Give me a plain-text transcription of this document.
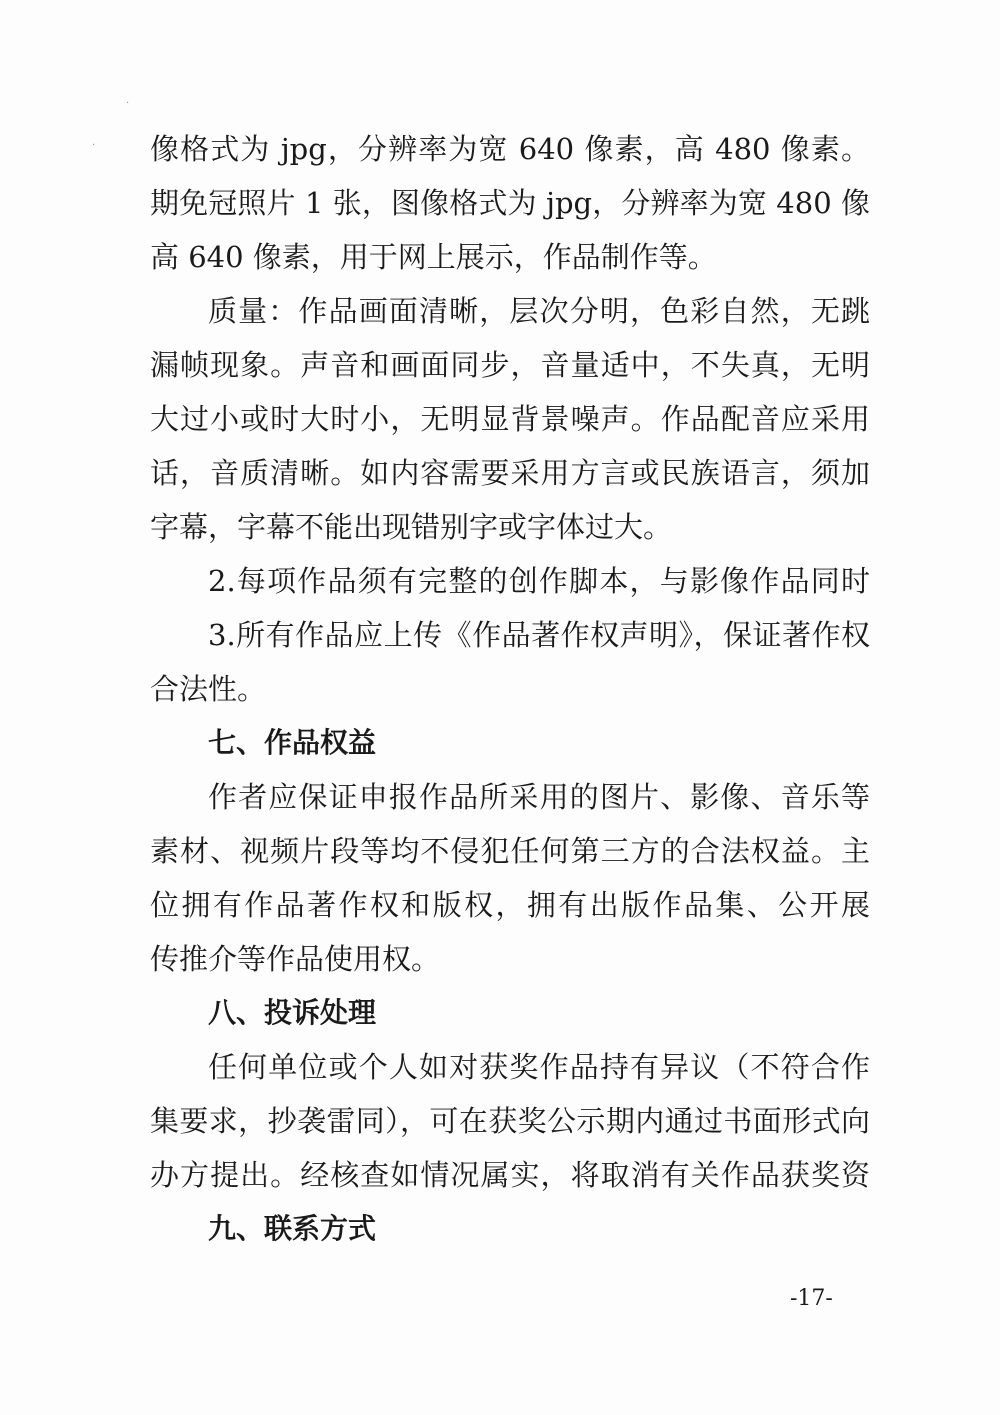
·
· 像格式为 jpg，分辨率为宽 640 像素，高 480 像素。
期免冠照片 1 张，图像格式为 jpg，分辨率为宽 480 像
高 640 像素，用于网上展示，作品制作等。
质量：作品画面清晰，层次分明，色彩自然，无跳
漏帧现象。声音和画面同步，音量适中，不失真，无明
大过小或时大时小，无明显背景噪声。作品配音应采用
话，音质清晰。如内容需要采用方言或民族语言，须加
字幕，字幕不能出现错别字或字体过大。
2.每项作品须有完整的创作脚本，与影像作品同时
3.所有作品应上传《作品著作权声明》，保证著作权
合法性。
七、作品权益
作者应保证申报作品所采用的图片、影像、音乐等
素材、视频片段等均不侵犯任何第三方的合法权益。主
位拥有作品著作权和版权，拥有出版作品集、公开展
传推介等作品使用权。
八、投诉处理
任何单位或个人如对获奖作品持有异议（不符合作
集要求，抄袭雷同），可在获奖公示期内通过书面形式向
办方提出。经核查如情况属实，将取消有关作品获奖资
九、联系方式
-17-
